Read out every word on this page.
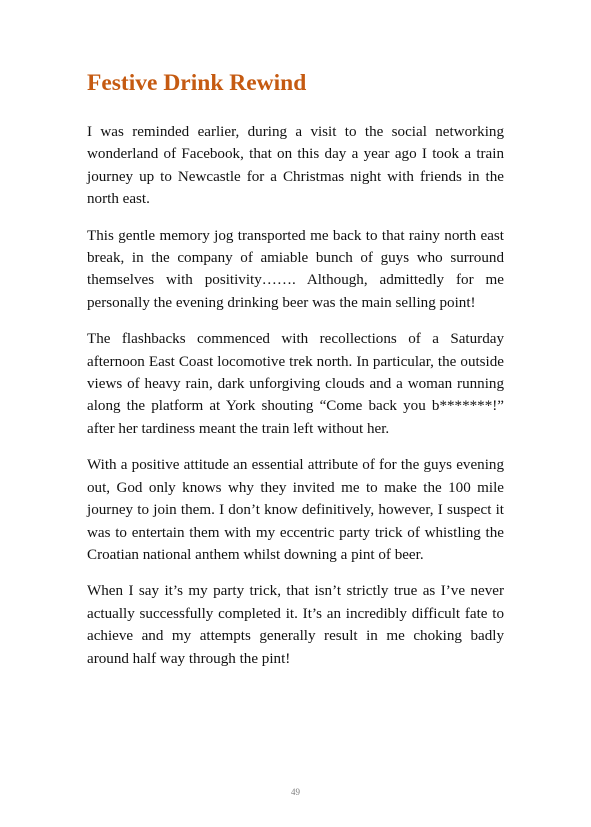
Festive Drink Rewind

I was reminded earlier, during a visit to the social networking wonderland of Facebook, that on this day a year ago I took a train journey up to Newcastle for a Christmas night with friends in the north east.

This gentle memory jog transported me back to that rainy north east break, in the company of amiable bunch of guys who surround themselves with positivity……. Although, admittedly for me personally the evening drinking beer was the main selling point!

The flashbacks commenced with recollections of a Saturday afternoon East Coast locomotive trek north. In particular, the outside views of heavy rain, dark unforgiving clouds and a woman running along the platform at York shouting “Come back you b*******!” after her tardiness meant the train left without her.

With a positive attitude an essential attribute of for the guys evening out, God only knows why they invited me to make the 100 mile journey to join them. I don’t know definitively, however, I suspect it was to entertain them with my eccentric party trick of whistling the Croatian national anthem whilst downing a pint of beer.

When I say it’s my party trick, that isn’t strictly true as I’ve never actually successfully completed it. It’s an incredibly difficult fate to achieve and my attempts generally result in me choking badly around half way through the pint!

49
